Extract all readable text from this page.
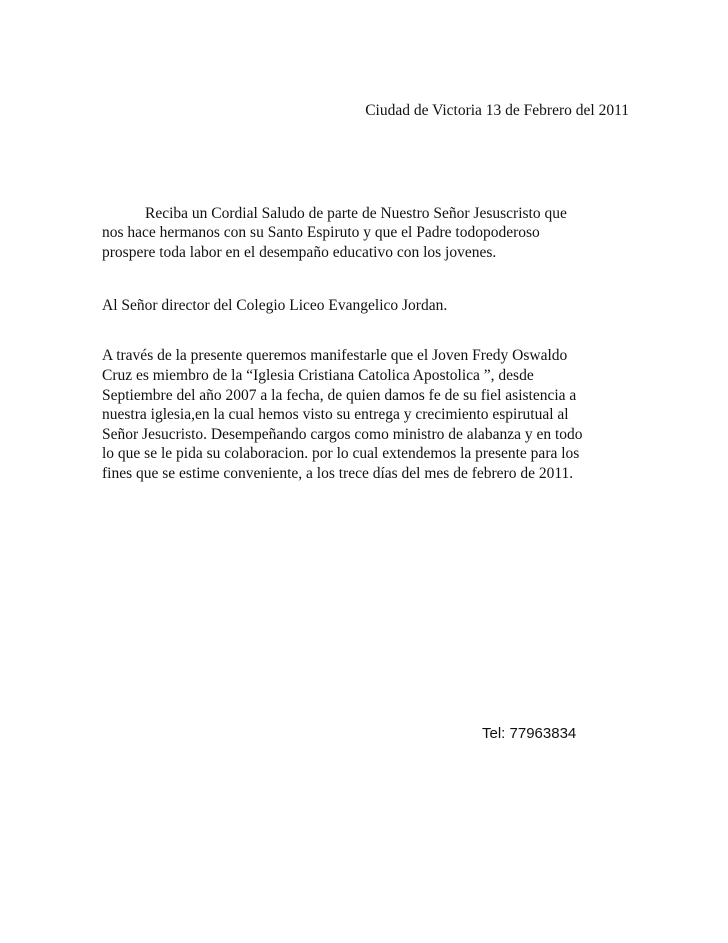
Ciudad de Victoria 13 de Febrero del 2011
Reciba un Cordial Saludo de parte de Nuestro Señor Jesuscristo que
nos hace hermanos con su Santo Espiruto y que el Padre todopoderoso
prospere toda labor en el desempaño educativo con los jovenes.
Al Señor director del Colegio Liceo Evangelico Jordan.
A través de la presente queremos manifestarle que el Joven Fredy Oswaldo
Cruz es miembro de la “Iglesia Cristiana Catolica Apostolica ”, desde
Septiembre del año 2007 a la fecha, de quien damos fe de su fiel asistencia a
nuestra iglesia,en la cual hemos visto su entrega y crecimiento espirutual al
Señor Jesucristo. Desempeñando cargos como ministro de alabanza y en todo
lo que se le pida su colaboracion. por lo cual extendemos la presente para los
fines que se estime conveniente, a los trece días del mes de febrero de 2011.
Tel: 77963834
